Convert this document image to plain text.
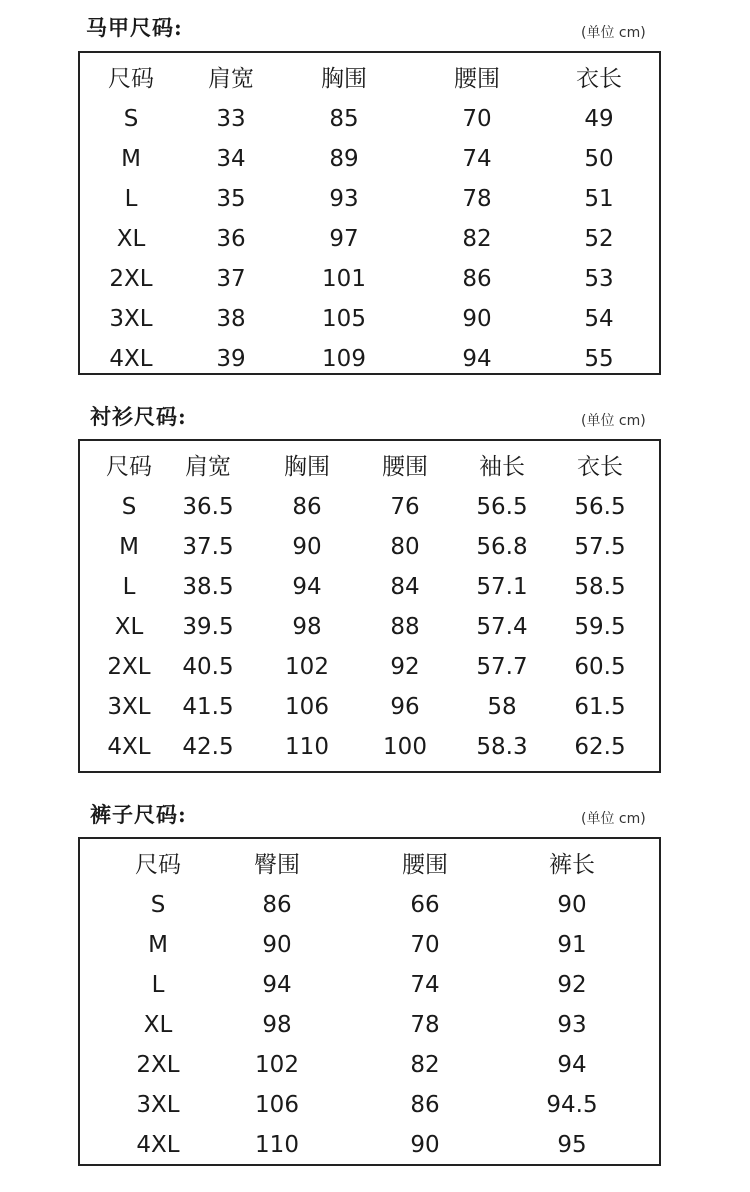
马甲尺码:	(单位 cm)
尺码 肩宽	胸围	腰围	衣长
S	33	85	70	49
M	34	89	74	50
L	35	93	78	51
XL	36	97	82	52
2XL	37	101	86	53
3XL	38	105	90	54
4XL	39	109	94	55
衬衫尺码:	(单位 cm)
尺码 肩宽 胸围 腰围 袖长 衣长
S 36.5	86	76 56.5 56.5
M 37.5	90	80 56.8 57.5
L 38.5	94	84 57.1 58.5
XL 39.5	98	88 57.4 59.5
2XL 40.5 102	92 57.7 60.5
3XL 41.5 106	96	58	61.5
4XL 42.5 110 100 58.3 62.5
裤子尺码:	(单位 cm)
尺码	臀围	腰围	裤长
S	86	66	90
M	90	70	91
L	94	74	92
XL	98	78	93
2XL	102	82	94
3XL	106	86	94.5
4XL	110	90	95
